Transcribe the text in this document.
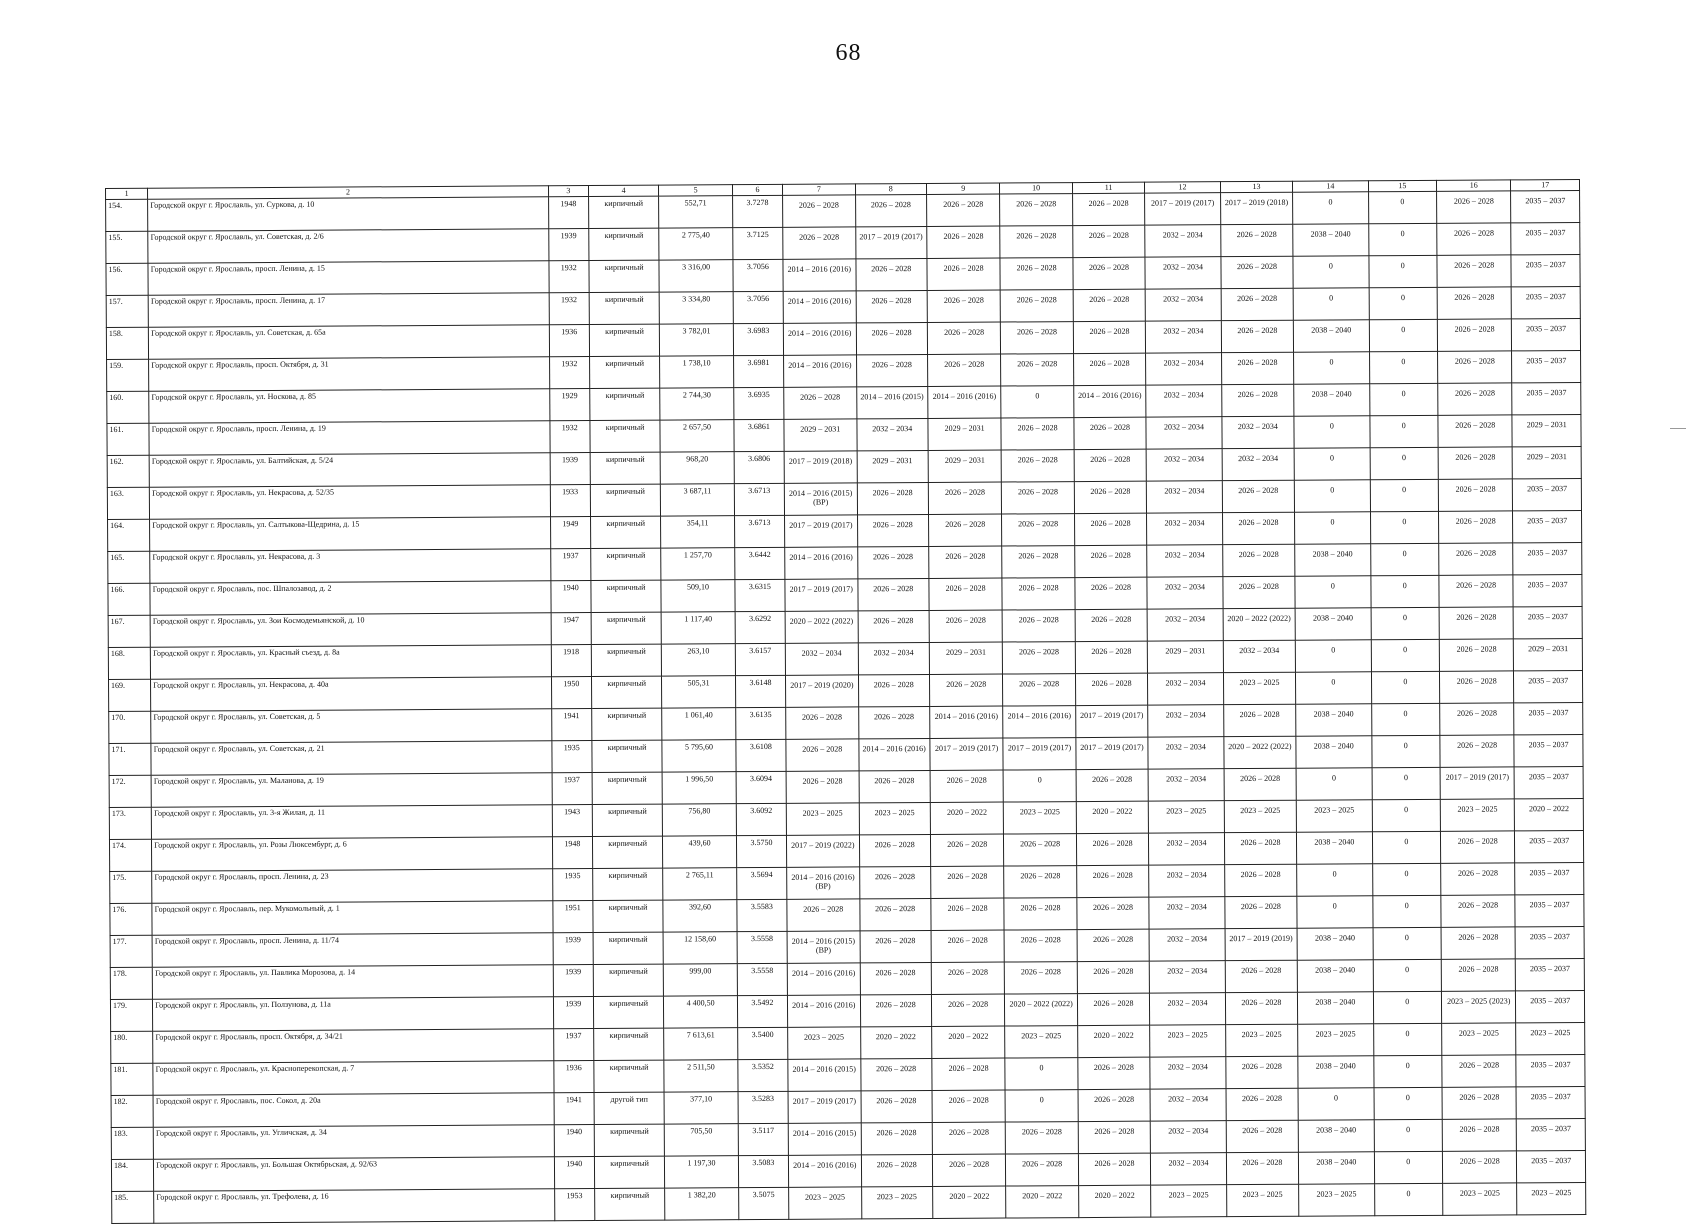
68
1	2	3	4	5	6	7	8	9	10	11	12	13	14	15	16	17
154.	Городской округ г. Ярославль, ул. Суркова, д. 10	1948	кирпичный	552,71	3.7278	2026 – 2028	2026 – 2028	2026 – 2028	2026 – 2028	2026 – 2028	2017 – 2019 (2017)	2017 – 2019 (2018)	0	0	2026 – 2028	2035 – 2037
155.	Городской округ г. Ярославль, ул. Советская, д. 2/6	1939	кирпичный	2 775,40	3.7125	2026 – 2028	2017 – 2019 (2017)	2026 – 2028	2026 – 2028	2026 – 2028	2032 – 2034	2026 – 2028	2038 – 2040	0	2026 – 2028	2035 – 2037
156.	Городской округ г. Ярославль, просп. Ленина, д. 15	1932	кирпичный	3 316,00	3.7056	2014 – 2016 (2016)	2026 – 2028	2026 – 2028	2026 – 2028	2026 – 2028	2032 – 2034	2026 – 2028	0	0	2026 – 2028	2035 – 2037
157.	Городской округ г. Ярославль, просп. Ленина, д. 17	1932	кирпичный	3 334,80	3.7056	2014 – 2016 (2016)	2026 – 2028	2026 – 2028	2026 – 2028	2026 – 2028	2032 – 2034	2026 – 2028	0	0	2026 – 2028	2035 – 2037
158.	Городской округ г. Ярославль, ул. Советская, д. 65а	1936	кирпичный	3 782,01	3.6983	2014 – 2016 (2016)	2026 – 2028	2026 – 2028	2026 – 2028	2026 – 2028	2032 – 2034	2026 – 2028	2038 – 2040	0	2026 – 2028	2035 – 2037
159.	Городской округ г. Ярославль, просп. Октября, д. 31	1932	кирпичный	1 738,10	3.6981	2014 – 2016 (2016)	2026 – 2028	2026 – 2028	2026 – 2028	2026 – 2028	2032 – 2034	2026 – 2028	0	0	2026 – 2028	2035 – 2037
160.	Городской округ г. Ярославль, ул. Носкова, д. 85	1929	кирпичный	2 744,30	3.6935	2026 – 2028	2014 – 2016 (2015)	2014 – 2016 (2016)	0	2014 – 2016 (2016)	2032 – 2034	2026 – 2028	2038 – 2040	0	2026 – 2028	2035 – 2037
161.	Городской округ г. Ярославль, просп. Ленина, д. 19	1932	кирпичный	2 657,50	3.6861	2029 – 2031	2032 – 2034	2029 – 2031	2026 – 2028	2026 – 2028	2032 – 2034	2032 – 2034	0	0	2026 – 2028	2029 – 2031
162.	Городской округ г. Ярославль, ул. Балтийская, д. 5/24	1939	кирпичный	968,20	3.6806	2017 – 2019 (2018)	2029 – 2031	2029 – 2031	2026 – 2028	2026 – 2028	2032 – 2034	2032 – 2034	0	0	2026 – 2028	2029 – 2031
163.	Городской округ г. Ярославль, ул. Некрасова, д. 52/35	1933	кирпичный	3 687,11	3.6713	2014 – 2016 (2015) (ВР)	2026 – 2028	2026 – 2028	2026 – 2028	2026 – 2028	2032 – 2034	2026 – 2028	0	0	2026 – 2028	2035 – 2037
164.	Городской округ г. Ярославль, ул. Салтыкова-Щедрина, д. 15	1949	кирпичный	354,11	3.6713	2017 – 2019 (2017)	2026 – 2028	2026 – 2028	2026 – 2028	2026 – 2028	2032 – 2034	2026 – 2028	0	0	2026 – 2028	2035 – 2037
165.	Городской округ г. Ярославль, ул. Некрасова, д. 3	1937	кирпичный	1 257,70	3.6442	2014 – 2016 (2016)	2026 – 2028	2026 – 2028	2026 – 2028	2026 – 2028	2032 – 2034	2026 – 2028	2038 – 2040	0	2026 – 2028	2035 – 2037
166.	Городской округ г. Ярославль, пос. Шпалозавод, д. 2	1940	кирпичный	509,10	3.6315	2017 – 2019 (2017)	2026 – 2028	2026 – 2028	2026 – 2028	2026 – 2028	2032 – 2034	2026 – 2028	0	0	2026 – 2028	2035 – 2037
167.	Городской округ г. Ярославль, ул. Зои Космодемьянской, д. 10	1947	кирпичный	1 117,40	3.6292	2020 – 2022 (2022)	2026 – 2028	2026 – 2028	2026 – 2028	2026 – 2028	2032 – 2034	2020 – 2022 (2022)	2038 – 2040	0	2026 – 2028	2035 – 2037
168.	Городской округ г. Ярославль, ул. Красный съезд, д. 8а	1918	кирпичный	263,10	3.6157	2032 – 2034	2032 – 2034	2029 – 2031	2026 – 2028	2026 – 2028	2029 – 2031	2032 – 2034	0	0	2026 – 2028	2029 – 2031
169.	Городской округ г. Ярославль, ул. Некрасова, д. 40а	1950	кирпичный	505,31	3.6148	2017 – 2019 (2020)	2026 – 2028	2026 – 2028	2026 – 2028	2026 – 2028	2032 – 2034	2023 – 2025	0	0	2026 – 2028	2035 – 2037
170.	Городской округ г. Ярославль, ул. Советская, д. 5	1941	кирпичный	1 061,40	3.6135	2026 – 2028	2026 – 2028	2014 – 2016 (2016)	2014 – 2016 (2016)	2017 – 2019 (2017)	2032 – 2034	2026 – 2028	2038 – 2040	0	2026 – 2028	2035 – 2037
171.	Городской округ г. Ярославль, ул. Советская, д. 21	1935	кирпичный	5 795,60	3.6108	2026 – 2028	2014 – 2016 (2016)	2017 – 2019 (2017)	2017 – 2019 (2017)	2017 – 2019 (2017)	2032 – 2034	2020 – 2022 (2022)	2038 – 2040	0	2026 – 2028	2035 – 2037
172.	Городской округ г. Ярославль, ул. Маланова, д. 19	1937	кирпичный	1 996,50	3.6094	2026 – 2028	2026 – 2028	2026 – 2028	0	2026 – 2028	2032 – 2034	2026 – 2028	0	0	2017 – 2019 (2017)	2035 – 2037
173.	Городской округ г. Ярославль, ул. 3-я Жилая, д. 11	1943	кирпичный	756,80	3.6092	2023 – 2025	2023 – 2025	2020 – 2022	2023 – 2025	2020 – 2022	2023 – 2025	2023 – 2025	2023 – 2025	0	2023 – 2025	2020 – 2022
174.	Городской округ г. Ярославль, ул. Розы Люксембург, д. 6	1948	кирпичный	439,60	3.5750	2017 – 2019 (2022)	2026 – 2028	2026 – 2028	2026 – 2028	2026 – 2028	2032 – 2034	2026 – 2028	2038 – 2040	0	2026 – 2028	2035 – 2037
175.	Городской округ г. Ярославль, просп. Ленина, д. 23	1935	кирпичный	2 765,11	3.5694	2014 – 2016 (2016) (ВР)	2026 – 2028	2026 – 2028	2026 – 2028	2026 – 2028	2032 – 2034	2026 – 2028	0	0	2026 – 2028	2035 – 2037
176.	Городской округ г. Ярославль, пер. Мукомольный, д. 1	1951	кирпичный	392,60	3.5583	2026 – 2028	2026 – 2028	2026 – 2028	2026 – 2028	2026 – 2028	2032 – 2034	2026 – 2028	0	0	2026 – 2028	2035 – 2037
177.	Городской округ г. Ярославль, просп. Ленина, д. 11/74	1939	кирпичный	12 158,60	3.5558	2014 – 2016 (2015) (ВР)	2026 – 2028	2026 – 2028	2026 – 2028	2026 – 2028	2032 – 2034	2017 – 2019 (2019)	2038 – 2040	0	2026 – 2028	2035 – 2037
178.	Городской округ г. Ярославль, ул. Павлика Морозова, д. 14	1939	кирпичный	999,00	3.5558	2014 – 2016 (2016)	2026 – 2028	2026 – 2028	2026 – 2028	2026 – 2028	2032 – 2034	2026 – 2028	2038 – 2040	0	2026 – 2028	2035 – 2037
179.	Городской округ г. Ярославль, ул. Ползунова, д. 11а	1939	кирпичный	4 400,50	3.5492	2014 – 2016 (2016)	2026 – 2028	2026 – 2028	2020 – 2022 (2022)	2026 – 2028	2032 – 2034	2026 – 2028	2038 – 2040	0	2023 – 2025 (2023)	2035 – 2037
180.	Городской округ г. Ярославль, просп. Октября, д. 34/21	1937	кирпичный	7 613,61	3.5400	2023 – 2025	2020 – 2022	2020 – 2022	2023 – 2025	2020 – 2022	2023 – 2025	2023 – 2025	2023 – 2025	0	2023 – 2025	2023 – 2025
181.	Городской округ г. Ярославль, ул. Красноперекопская, д. 7	1936	кирпичный	2 511,50	3.5352	2014 – 2016 (2015)	2026 – 2028	2026 – 2028	0	2026 – 2028	2032 – 2034	2026 – 2028	2038 – 2040	0	2026 – 2028	2035 – 2037
182.	Городской округ г. Ярославль, пос. Сокол, д. 20а	1941	другой тип	377,10	3.5283	2017 – 2019 (2017)	2026 – 2028	2026 – 2028	0	2026 – 2028	2032 – 2034	2026 – 2028	0	0	2026 – 2028	2035 – 2037
183.	Городской округ г. Ярославль, ул. Угличская, д. 34	1940	кирпичный	705,50	3.5117	2014 – 2016 (2015)	2026 – 2028	2026 – 2028	2026 – 2028	2026 – 2028	2032 – 2034	2026 – 2028	2038 – 2040	0	2026 – 2028	2035 – 2037
184.	Городской округ г. Ярославль, ул. Большая Октябрьская, д. 92/63	1940	кирпичный	1 197,30	3.5083	2014 – 2016 (2016)	2026 – 2028	2026 – 2028	2026 – 2028	2026 – 2028	2032 – 2034	2026 – 2028	2038 – 2040	0	2026 – 2028	2035 – 2037
185.	Городской округ г. Ярославль, ул. Трефолева, д. 16	1953	кирпичный	1 382,20	3.5075	2023 – 2025	2023 – 2025	2020 – 2022	2020 – 2022	2020 – 2022	2023 – 2025	2023 – 2025	2023 – 2025	0	2023 – 2025	2023 – 2025
